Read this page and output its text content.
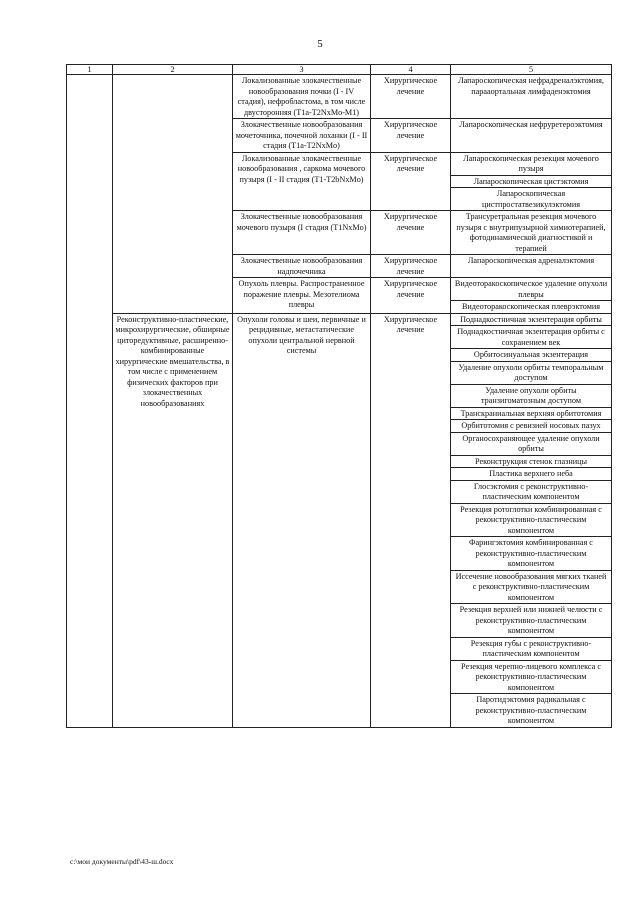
5
1	2	3	4	5
		Локализованные злокачественные новообразования почки (I - IV стадия), нефробластома, в том числе двусторонняя (T1a-T2NxMo-M1)	Хирургическое лечение	Лапароскопическая нефрадреналэктомия, парааортальная лимфаденэктомия
		Злокачественные новообразования мочеточника, почечной лоханки (I - II стадия (T1a-T2NxMo)	Хирургическое лечение	Лапароскопическая нефруретероэктомия
		Локализованные злокачественные новообразования , саркома мочевого пузыря (I - II стадия (T1-T2bNxMo)	Хирургическое лечение	Лапароскопическая резекция мочевого пузыря
				Лапароскопическая цистэктомия
				Лапароскопическая цистпростатвезикулэктомия
		Злокачественные новообразования мочевого пузыря (I стадия (T1NxMo)	Хирургическое лечение	Трансуретральная резекция мочевого пузыря с внутрипузырной химиотерапией, фотодинамической диагностикой и терапией
		Злокачественные новообразования надпочечника	Хирургическое лечение	Лапароскопическая адреналэктомия
		Опухоль плевры. Распространенное поражение плевры. Мезотелиома плевры	Хирургическое лечение	Видеоторакоскопическое удаление опухоли плевры
				Видеоторакоскопическая плеврэктомия
	Реконструктивно-пластические, микрохирургические, обширные циторедуктивные, расширенно-комбинированные хирургические вмешательства, в том числе с применением физических факторов при злокачественных новообразованиях	Опухоли головы и шеи, первичные и рецидивные, метастатические опухоли центральной нервной системы	Хирургическое лечение	Поднадкостничная экзентерация орбиты
				Поднадкостничная экзентерация орбиты с сохранением век
				Орбитосинуальная экзентерация
				Удаление опухоли орбиты темпоральным доступом
				Удаление опухоли орбиты транзигоматозным доступом
				Транскраниальная верхняя орбитотомия
				Орбитотомия с ревизией носовых пазух
				Органосохраняющее удаление опухоли орбиты
				Реконструкция стенок глазницы
				Пластика верхнего неба
				Глосэктомия с реконструктивно-пластическим компонентом
				Резекция ротоглотки комбинированная с реконструктивно-пластическим компонентом
				Фарингэктомия комбинированная с реконструктивно-пластическим компонентом
				Иссечение новообразования мягких тканей с реконструктивно-пластическим компонентом
				Резекция верхней или нижней челюсти с реконструктивно-пластическим компонентом
				Резекция губы с реконструктивно-пластическим компонентом
				Резекция черепно-лицевого комплекса с реконструктивно-пластическим компонентом
				Паротидэктомия радикальная с реконструктивно-пластическим компонентом
c:\мои документы\pdf\43-ш.docx
